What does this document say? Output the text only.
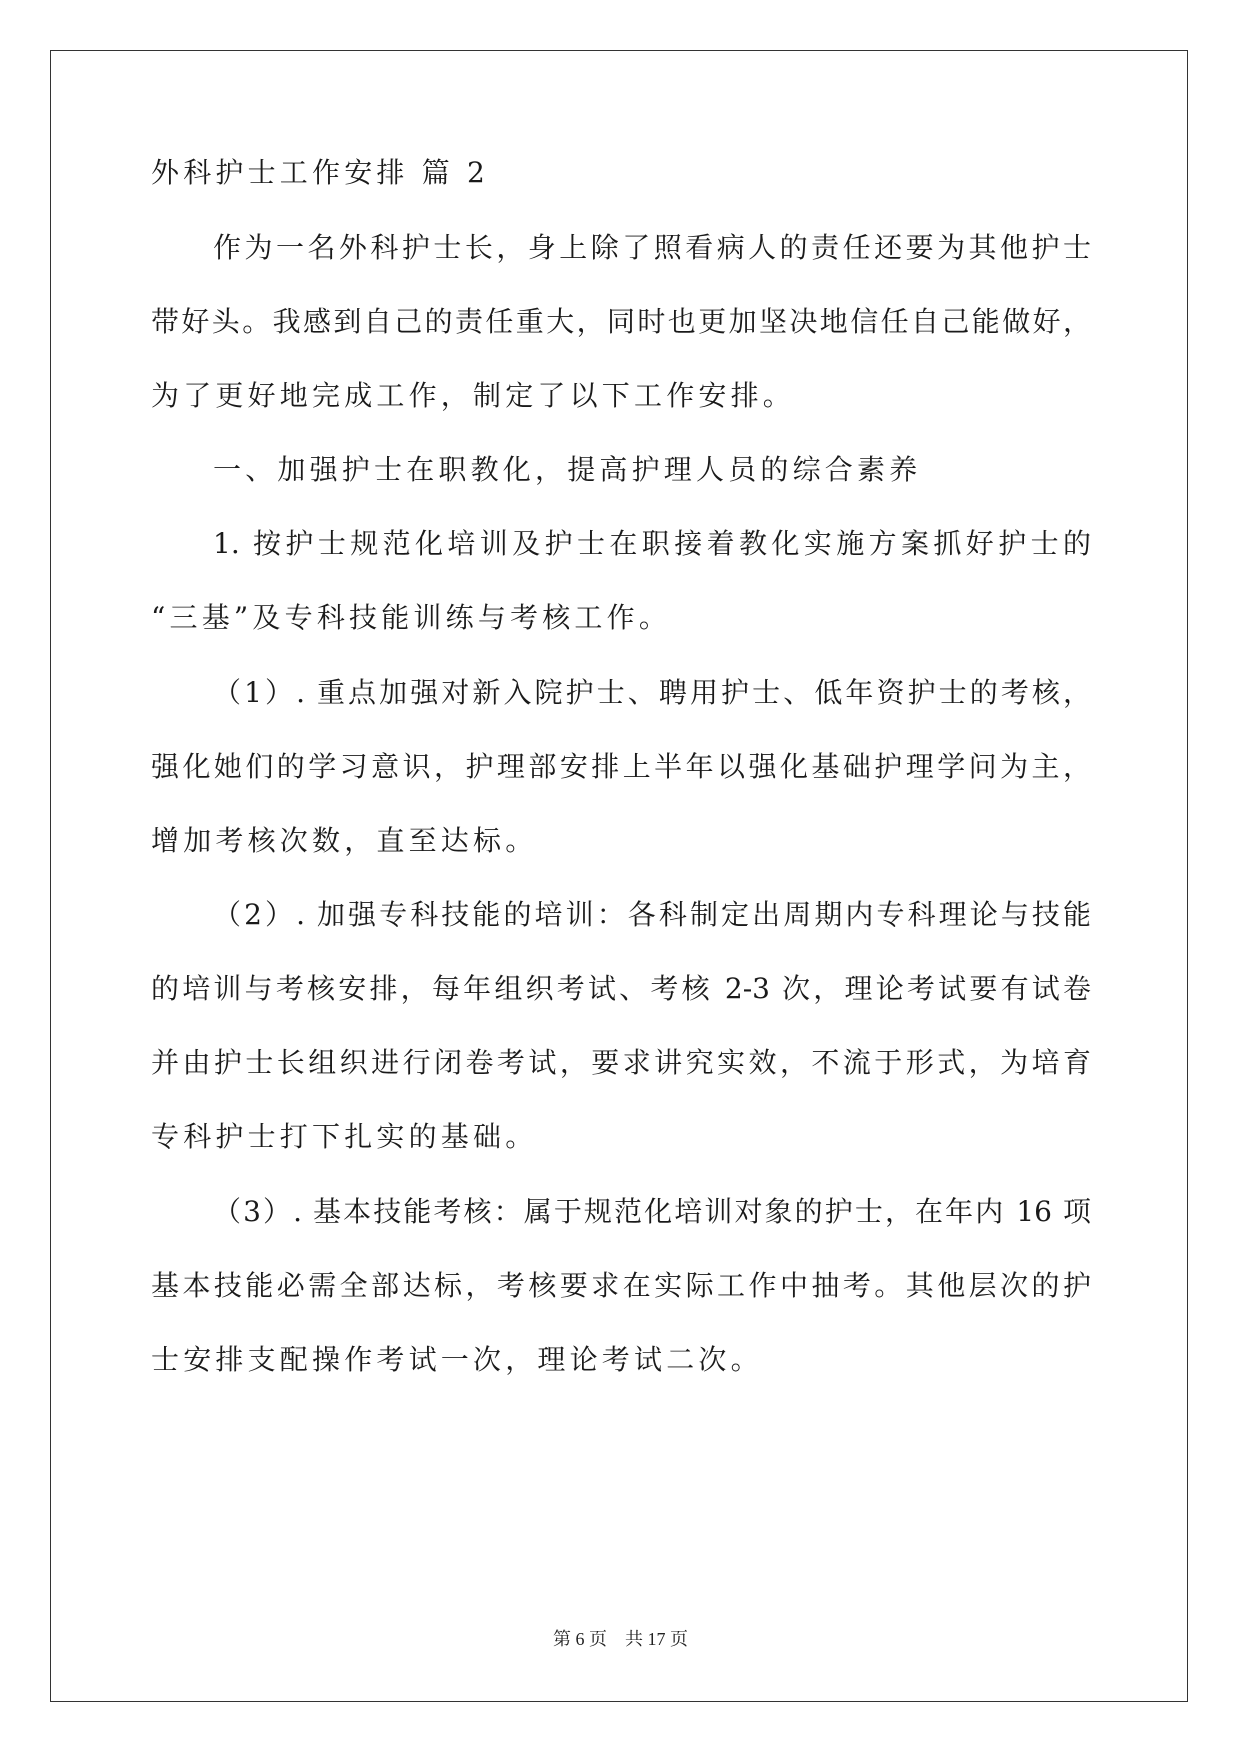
外科护士工作安排 篇 2
作为一名外科护士长，身上除了照看病人的责任还要为其他护士
带好头。我感到自己的责任重大，同时也更加坚决地信任自己能做好，
为了更好地完成工作，制定了以下工作安排。
一、加强护士在职教化，提高护理人员的综合素养
1. 按护士规范化培训及护士在职接着教化实施方案抓好护士的
“三基”及专科技能训练与考核工作。
（1）. 重点加强对新入院护士、聘用护士、低年资护士的考核，
强化她们的学习意识，护理部安排上半年以强化基础护理学问为主，
增加考核次数，直至达标。
（2）. 加强专科技能的培训：各科制定出周期内专科理论与技能
的培训与考核安排，每年组织考试、考核 2-3 次，理论考试要有试卷
并由护士长组织进行闭卷考试，要求讲究实效，不流于形式，为培育
专科护士打下扎实的基础。
（3）. 基本技能考核：属于规范化培训对象的护士，在年内 16 项
基本技能必需全部达标，考核要求在实际工作中抽考。其他层次的护
士安排支配操作考试一次，理论考试二次。
第 6 页    共 17 页
